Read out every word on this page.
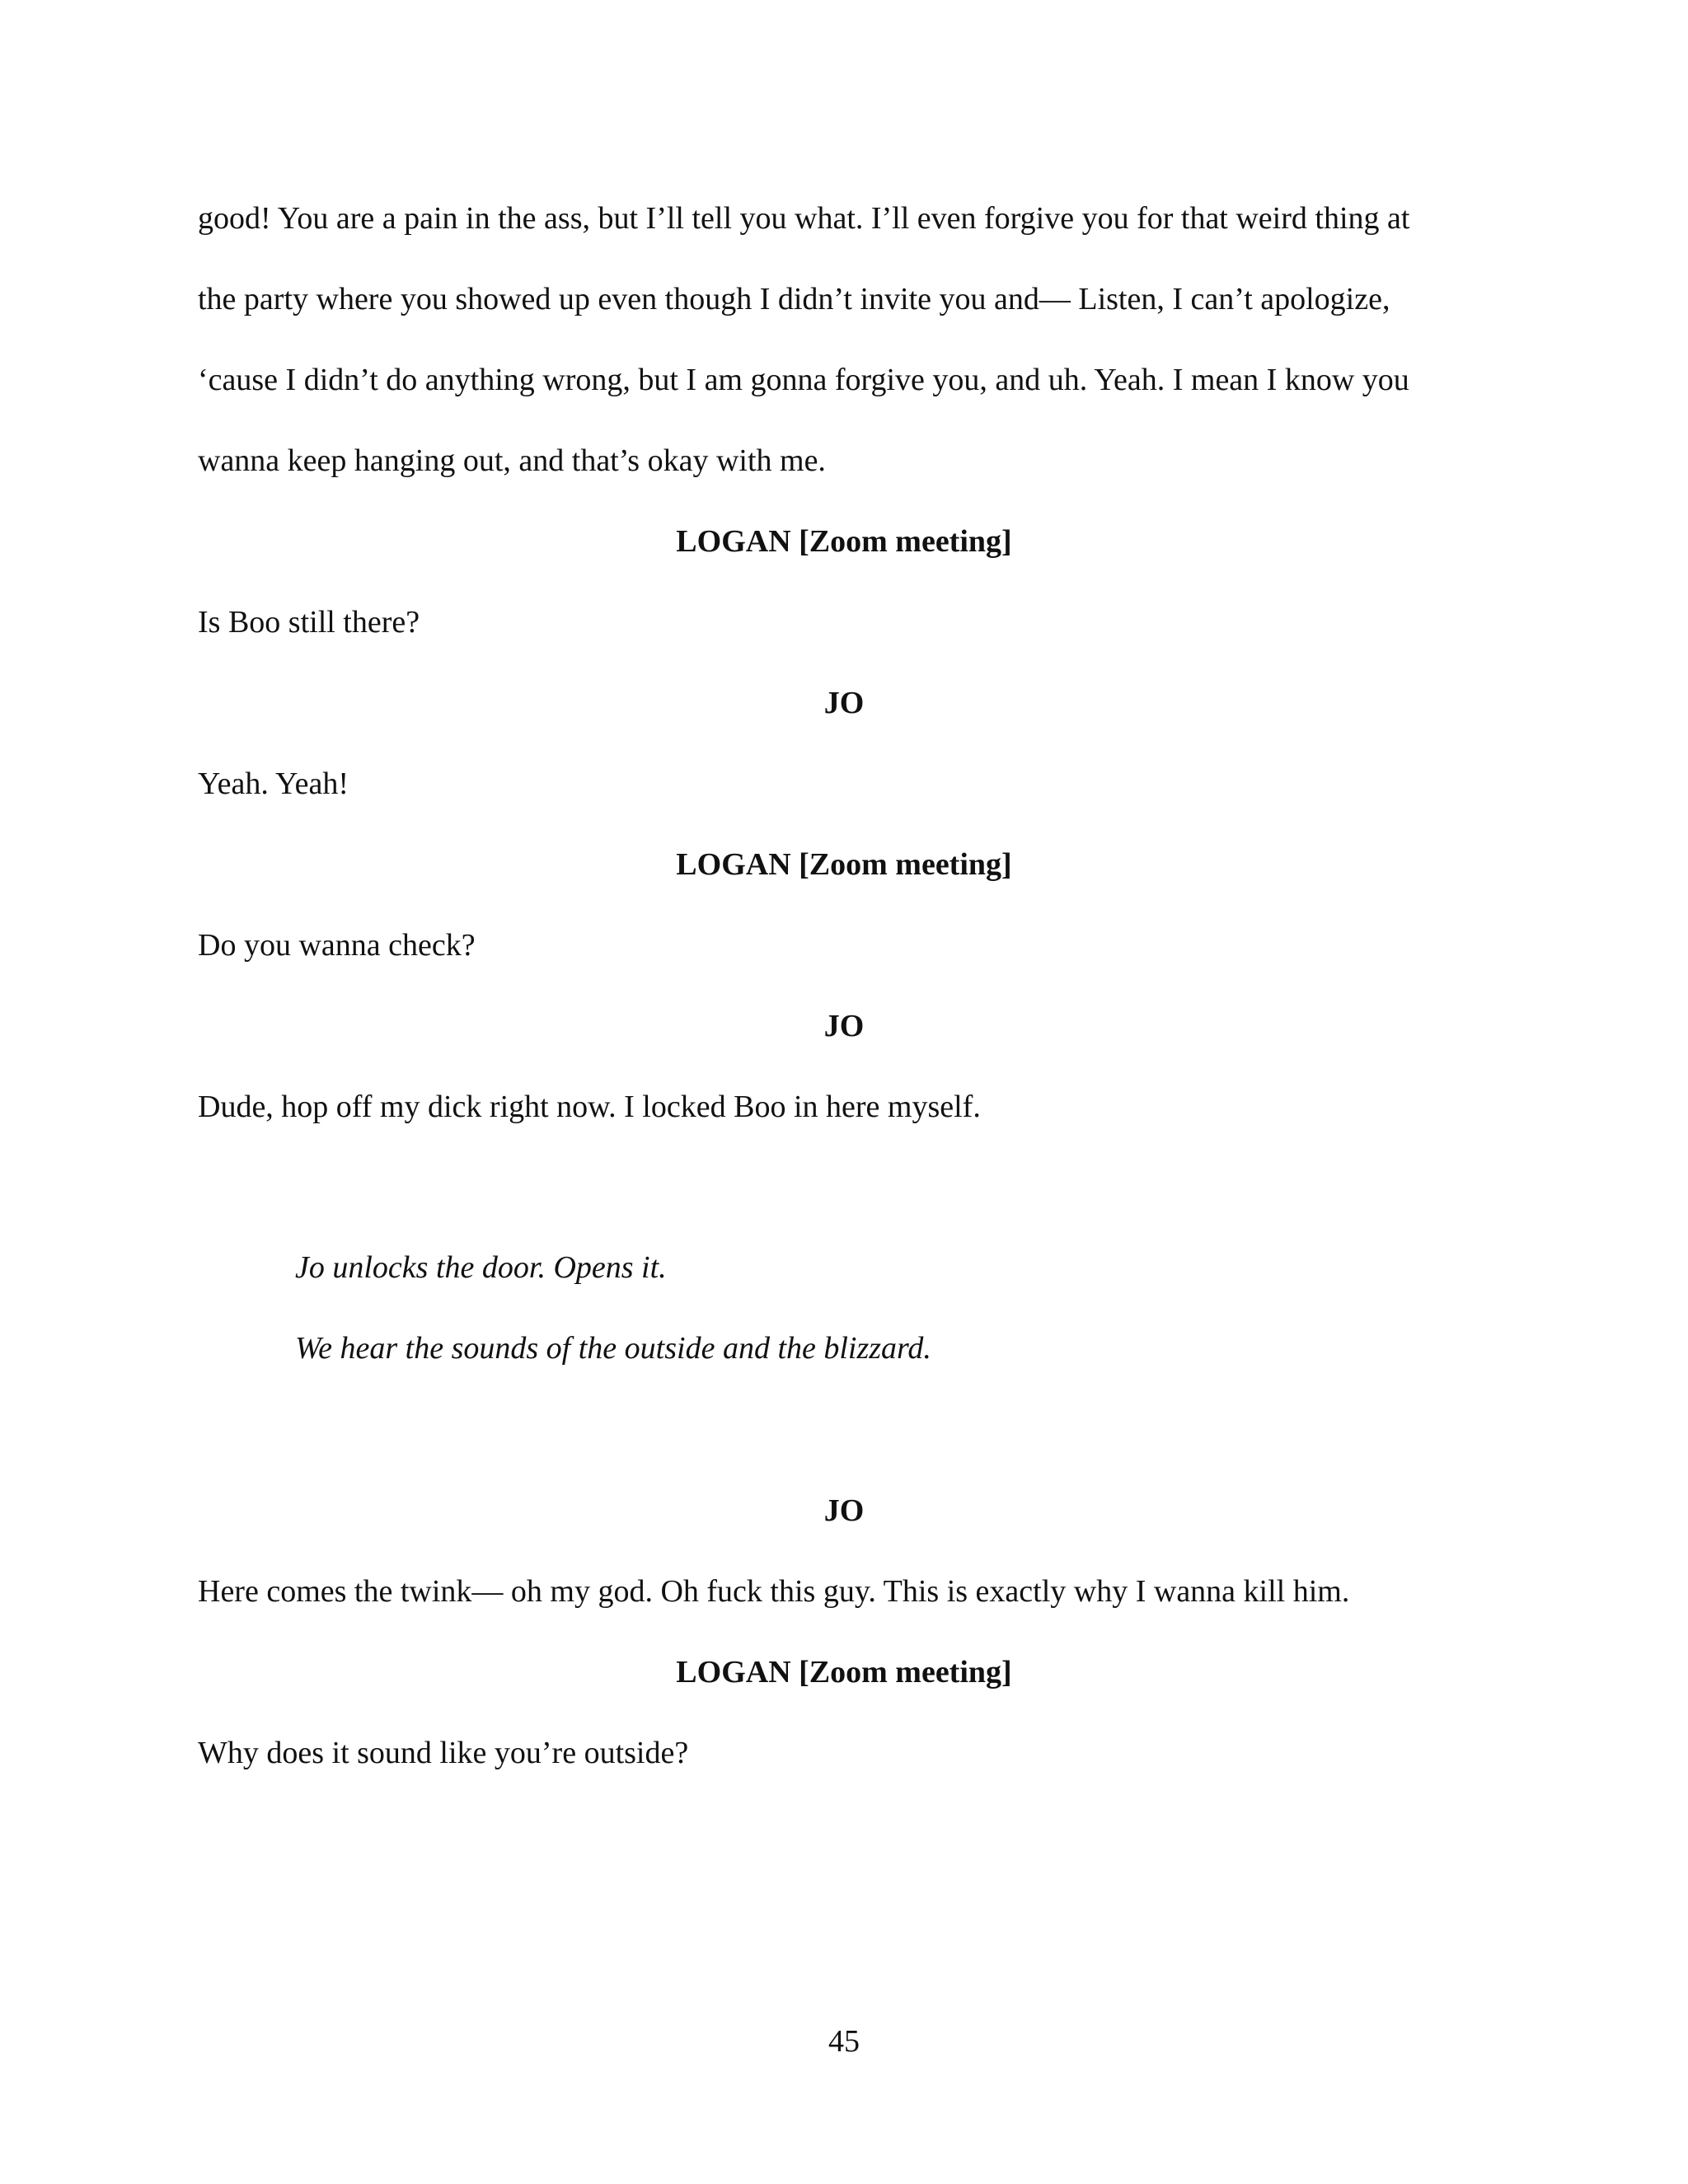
good! You are a pain in the ass, but I’ll tell you what. I’ll even forgive you for that weird thing at
the party where you showed up even though I didn’t invite you and— Listen, I can’t apologize,
‘cause I didn’t do anything wrong, but I am gonna forgive you, and uh. Yeah. I mean I know you
wanna keep hanging out, and that’s okay with me.
LOGAN [Zoom meeting]
Is Boo still there?
JO
Yeah. Yeah!
LOGAN [Zoom meeting]
Do you wanna check?
JO
Dude, hop off my dick right now. I locked Boo in here myself.
Jo unlocks the door. Opens it.
We hear the sounds of the outside and the blizzard.
JO
Here comes the twink— oh my god. Oh fuck this guy. This is exactly why I wanna kill him.
LOGAN [Zoom meeting]
Why does it sound like you’re outside?
45
